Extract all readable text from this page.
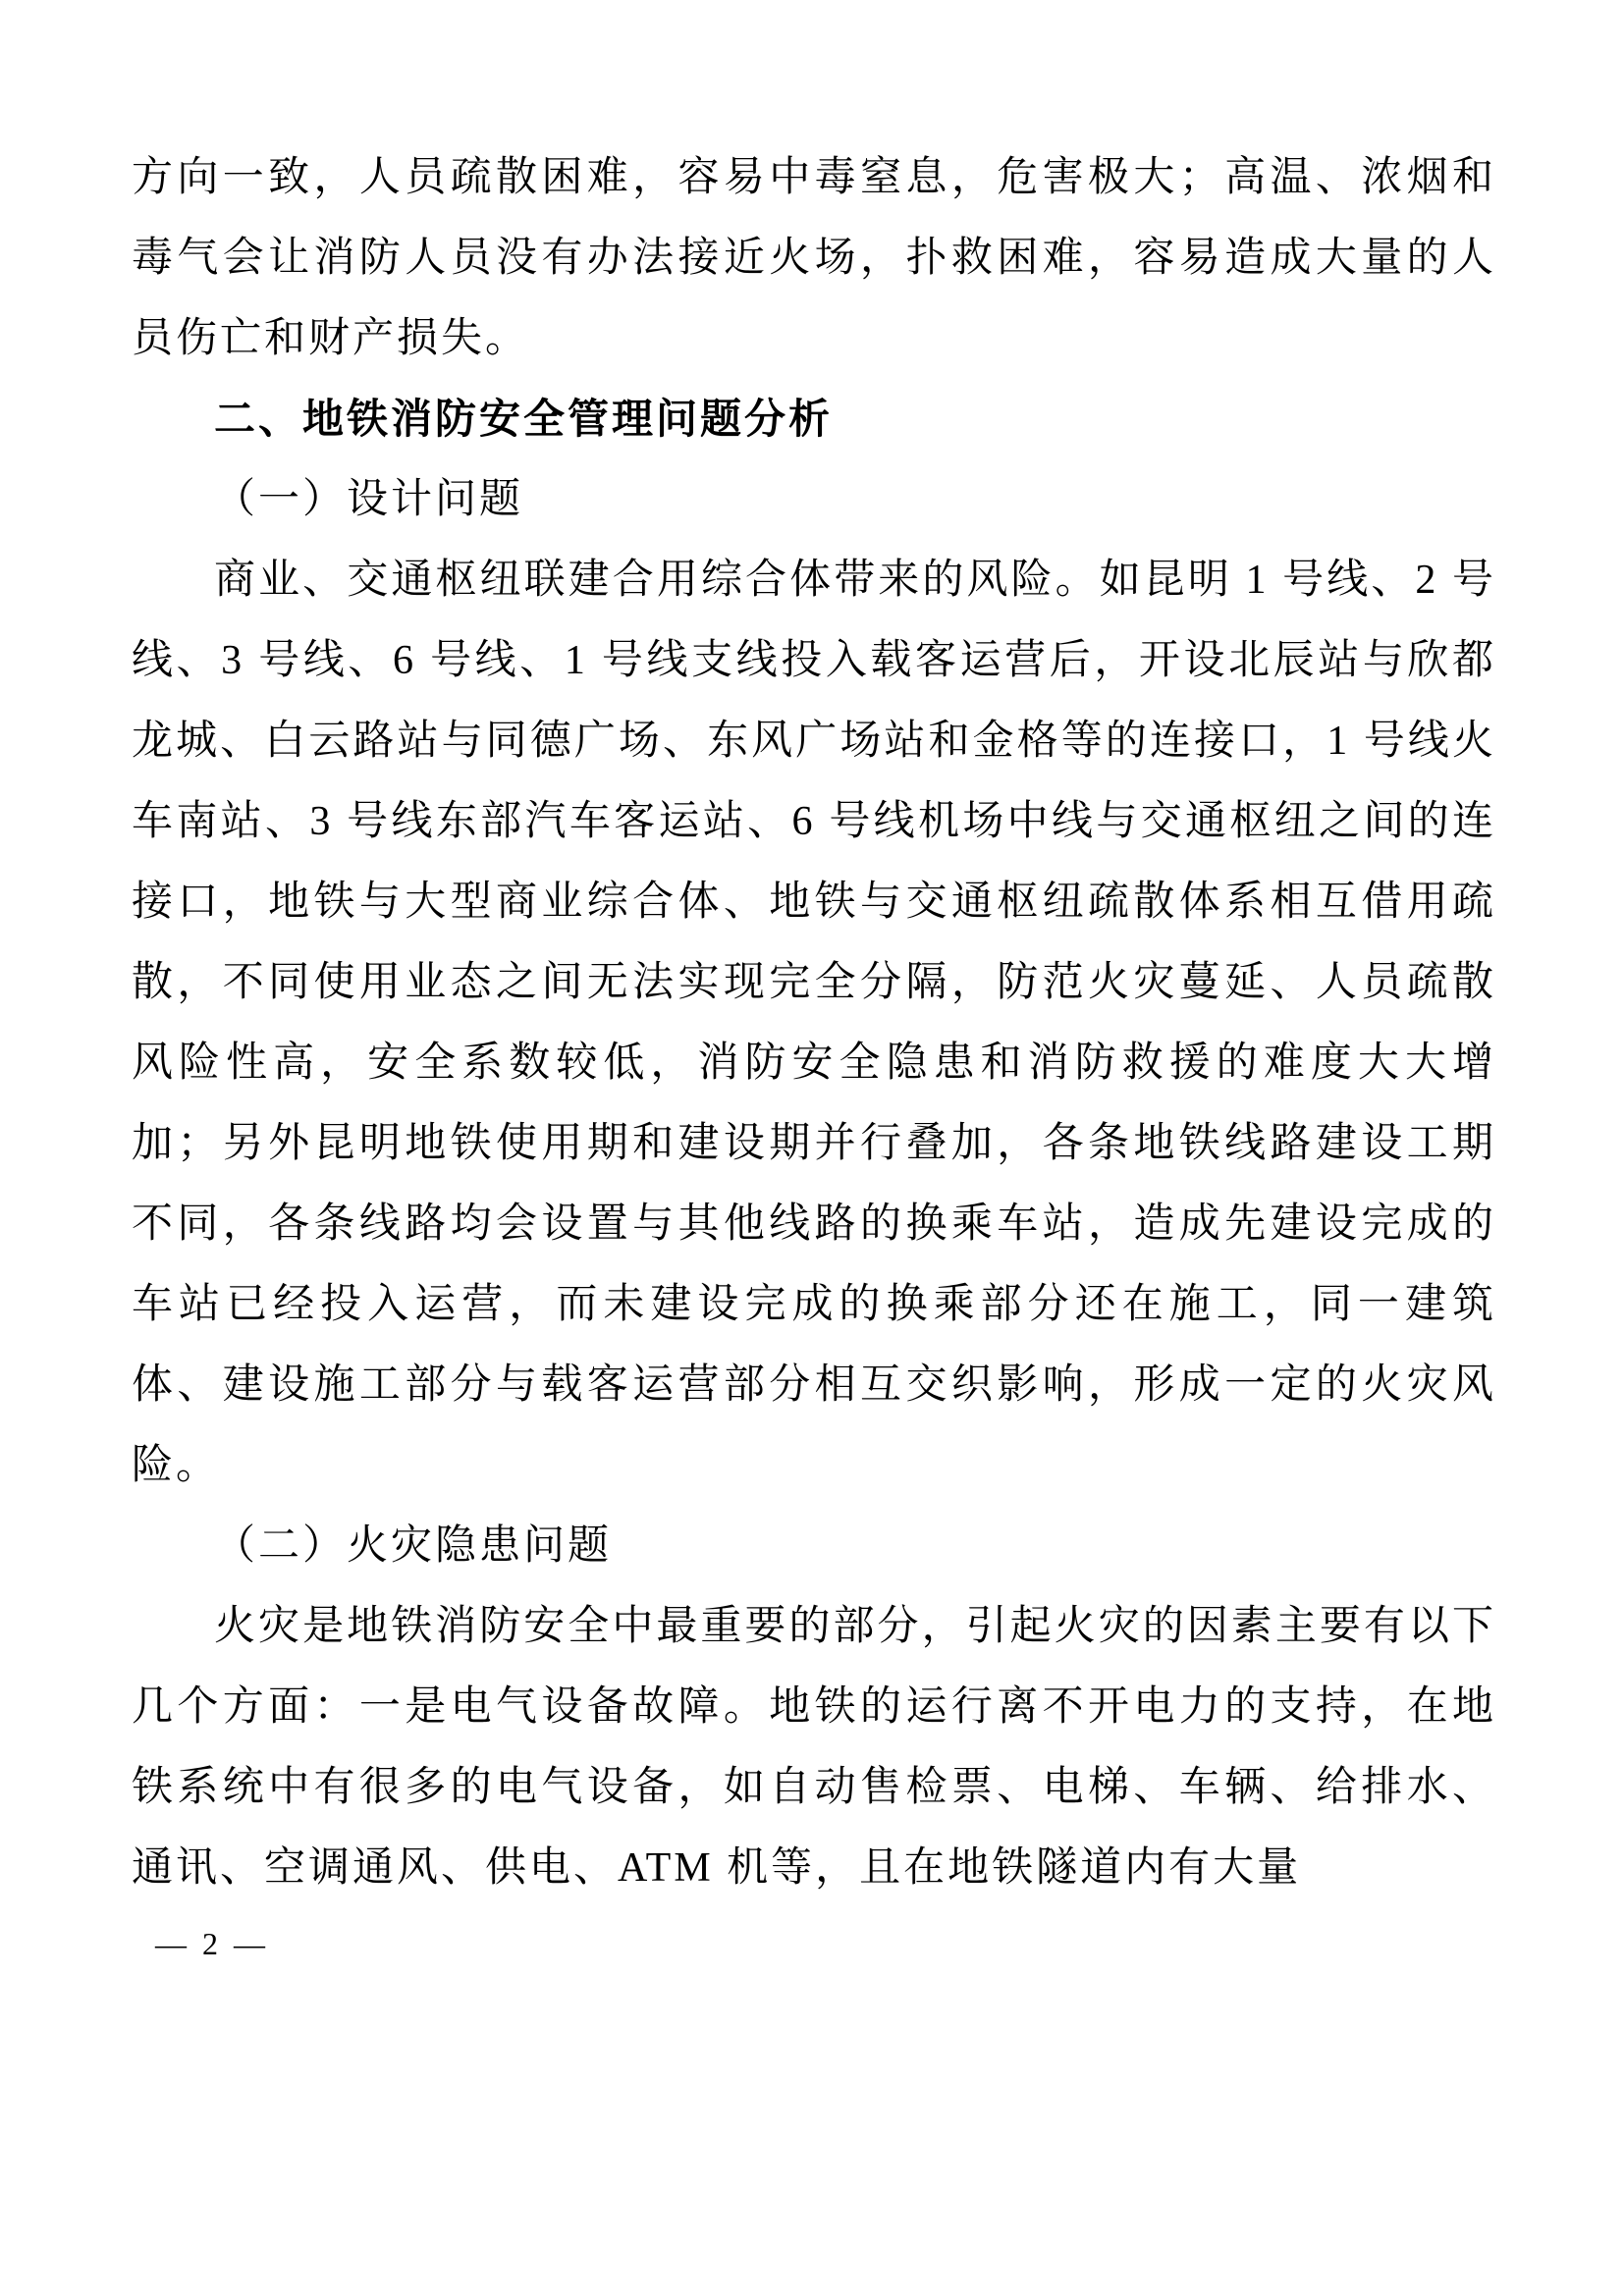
方向一致，人员疏散困难，容易中毒窒息，危害极大；高温、浓烟和毒气会让消防人员没有办法接近火场，扑救困难，容易造成大量的人员伤亡和财产损失。

二、地铁消防安全管理问题分析

（一）设计问题

商业、交通枢纽联建合用综合体带来的风险。如昆明 1 号线、2 号线、3 号线、6 号线、1 号线支线投入载客运营后，开设北辰站与欣都龙城、白云路站与同德广场、东风广场站和金格等的连接口，1 号线火车南站、3 号线东部汽车客运站、6 号线机场中线与交通枢纽之间的连接口，地铁与大型商业综合体、地铁与交通枢纽疏散体系相互借用疏散，不同使用业态之间无法实现完全分隔，防范火灾蔓延、人员疏散风险性高，安全系数较低，消防安全隐患和消防救援的难度大大增加；另外昆明地铁使用期和建设期并行叠加，各条地铁线路建设工期不同，各条线路均会设置与其他线路的换乘车站，造成先建设完成的车站已经投入运营，而未建设完成的换乘部分还在施工，同一建筑体、建设施工部分与载客运营部分相互交织影响，形成一定的火灾风险。

（二）火灾隐患问题

火灾是地铁消防安全中最重要的部分，引起火灾的因素主要有以下几个方面：一是电气设备故障。地铁的运行离不开电力的支持，在地铁系统中有很多的电气设备，如自动售检票、电梯、车辆、给排水、通讯、空调通风、供电、ATM 机等，且在地铁隧道内有大量

— 2 —
